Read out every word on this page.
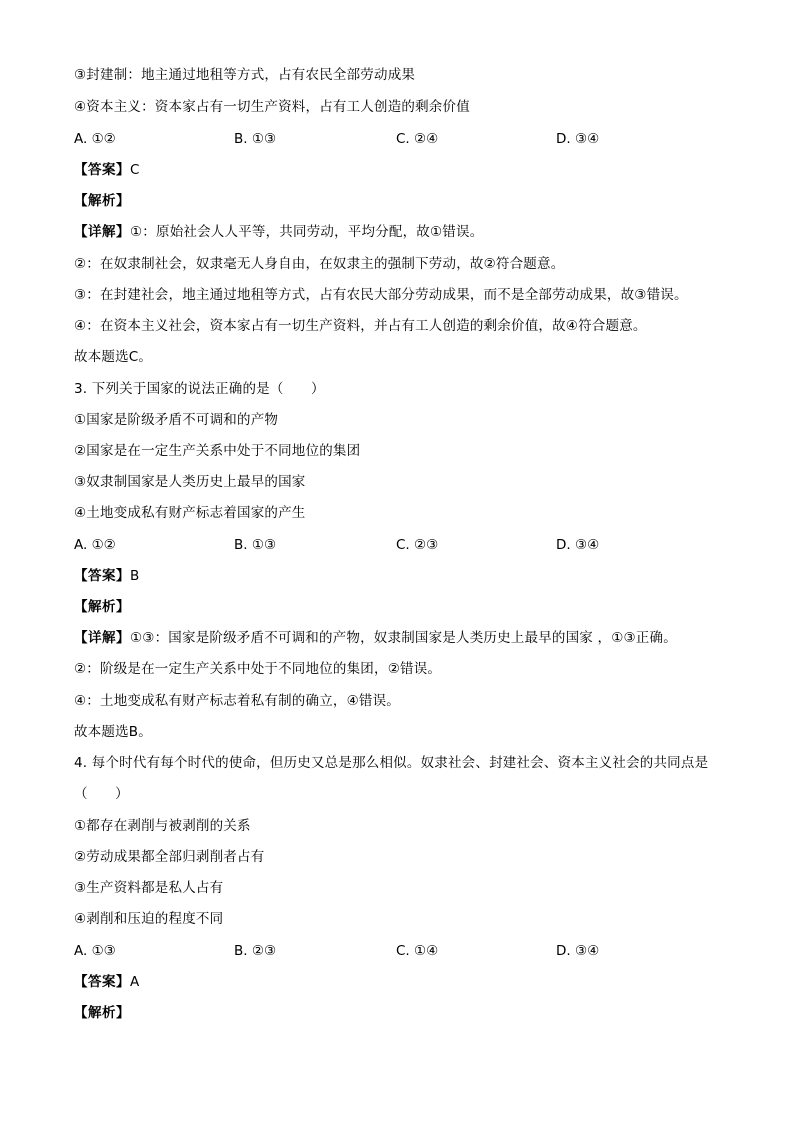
③封建制：地主通过地租等方式，占有农民全部劳动成果
④资本主义：资本家占有一切生产资料，占有工人创造的剩余价值
A. ①②	B. ①③	C. ②④	D. ③④
【答案】C
【解析】
【详解】①：原始社会人人平等，共同劳动，平均分配，故①错误。
②：在奴隶制社会，奴隶毫无人身自由，在奴隶主的强制下劳动，故②符合题意。
③：在封建社会，地主通过地租等方式，占有农民大部分劳动成果，而不是全部劳动成果，故③错误。
④：在资本主义社会，资本家占有一切生产资料，并占有工人创造的剩余价值，故④符合题意。
故本题选C。
3. 下列关于国家的说法正确的是（　　）
①国家是阶级矛盾不可调和的产物
②国家是在一定生产关系中处于不同地位的集团
③奴隶制国家是人类历史上最早的国家
④土地变成私有财产标志着国家的产生
A. ①②	B. ①③	C. ②③	D. ③④
【答案】B
【解析】
【详解】①③：国家是阶级矛盾不可调和的产物，奴隶制国家是人类历史上最早的国家 ，①③正确。
②：阶级是在一定生产关系中处于不同地位的集团，②错误。
④：土地变成私有财产标志着私有制的确立，④错误。
故本题选B。
4. 每个时代有每个时代的使命，但历史又总是那么相似。奴隶社会、封建社会、资本主义社会的共同点是
（　　）
①都存在剥削与被剥削的关系
②劳动成果都全部归剥削者占有
③生产资料都是私人占有
④剥削和压迫的程度不同
A. ①③	B. ②③	C. ①④	D. ③④
【答案】A
【解析】
